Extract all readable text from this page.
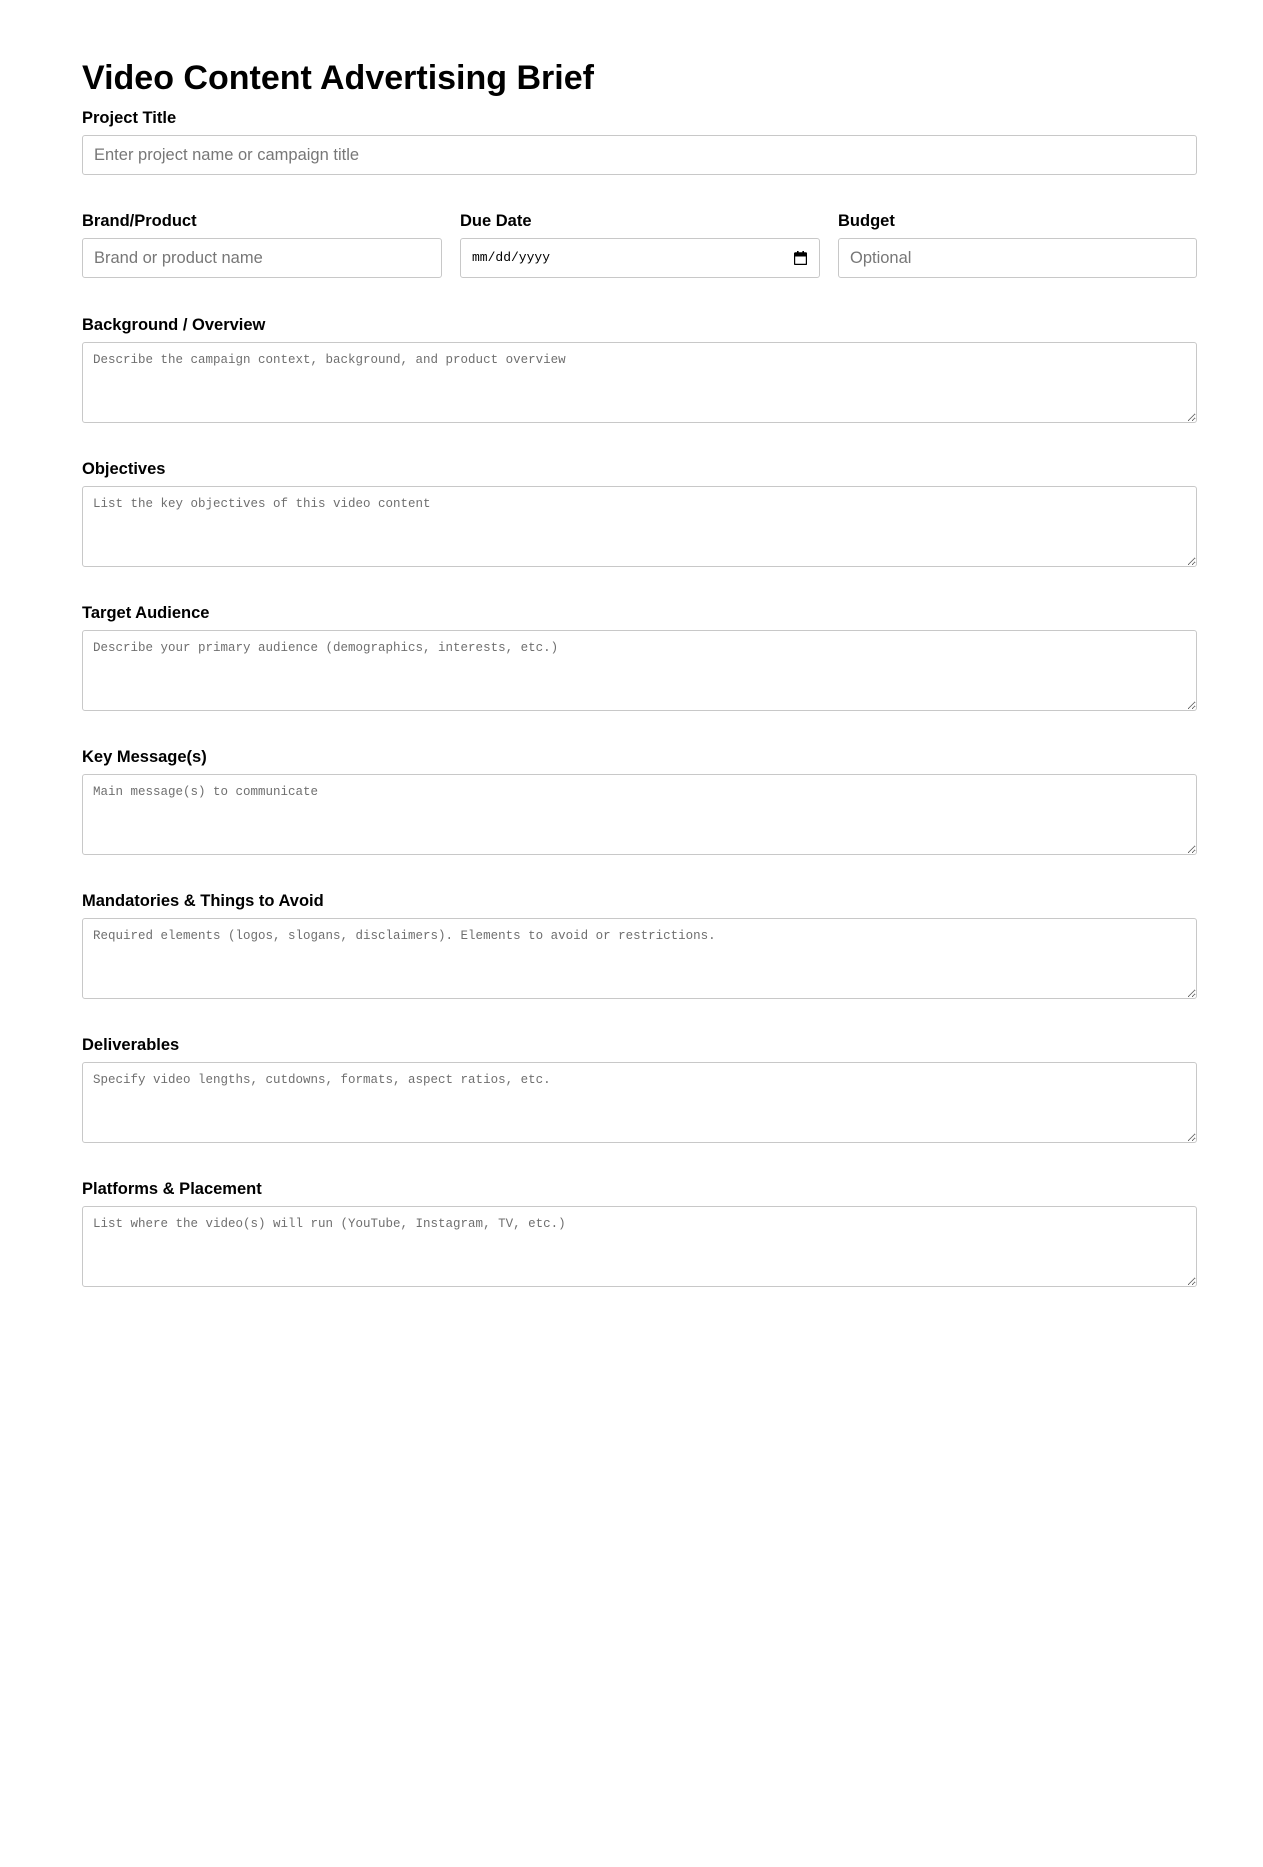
Video Content Advertising Brief
Project Title
Enter project name or campaign title
Brand/Product
Brand or product name	Due Date
mm/dd/yyyy
Budget
Optional
Background / Overview
Describe the campaign context, background, and product overview
Objectives
List the key objectives of this video content
Target Audience
Describe your primary audience (demographics, interests, etc.)
Key Message(s)
Main message(s) to communicate
Mandatories & Things to Avoid
Required elements (logos, slogans, disclaimers). Elements to avoid or restrictions.
Deliverables
Specify video lengths, cutdowns, formats, aspect ratios, etc.
Platforms & Placement
List where the video(s) will run (YouTube, Instagram, TV, etc.)
